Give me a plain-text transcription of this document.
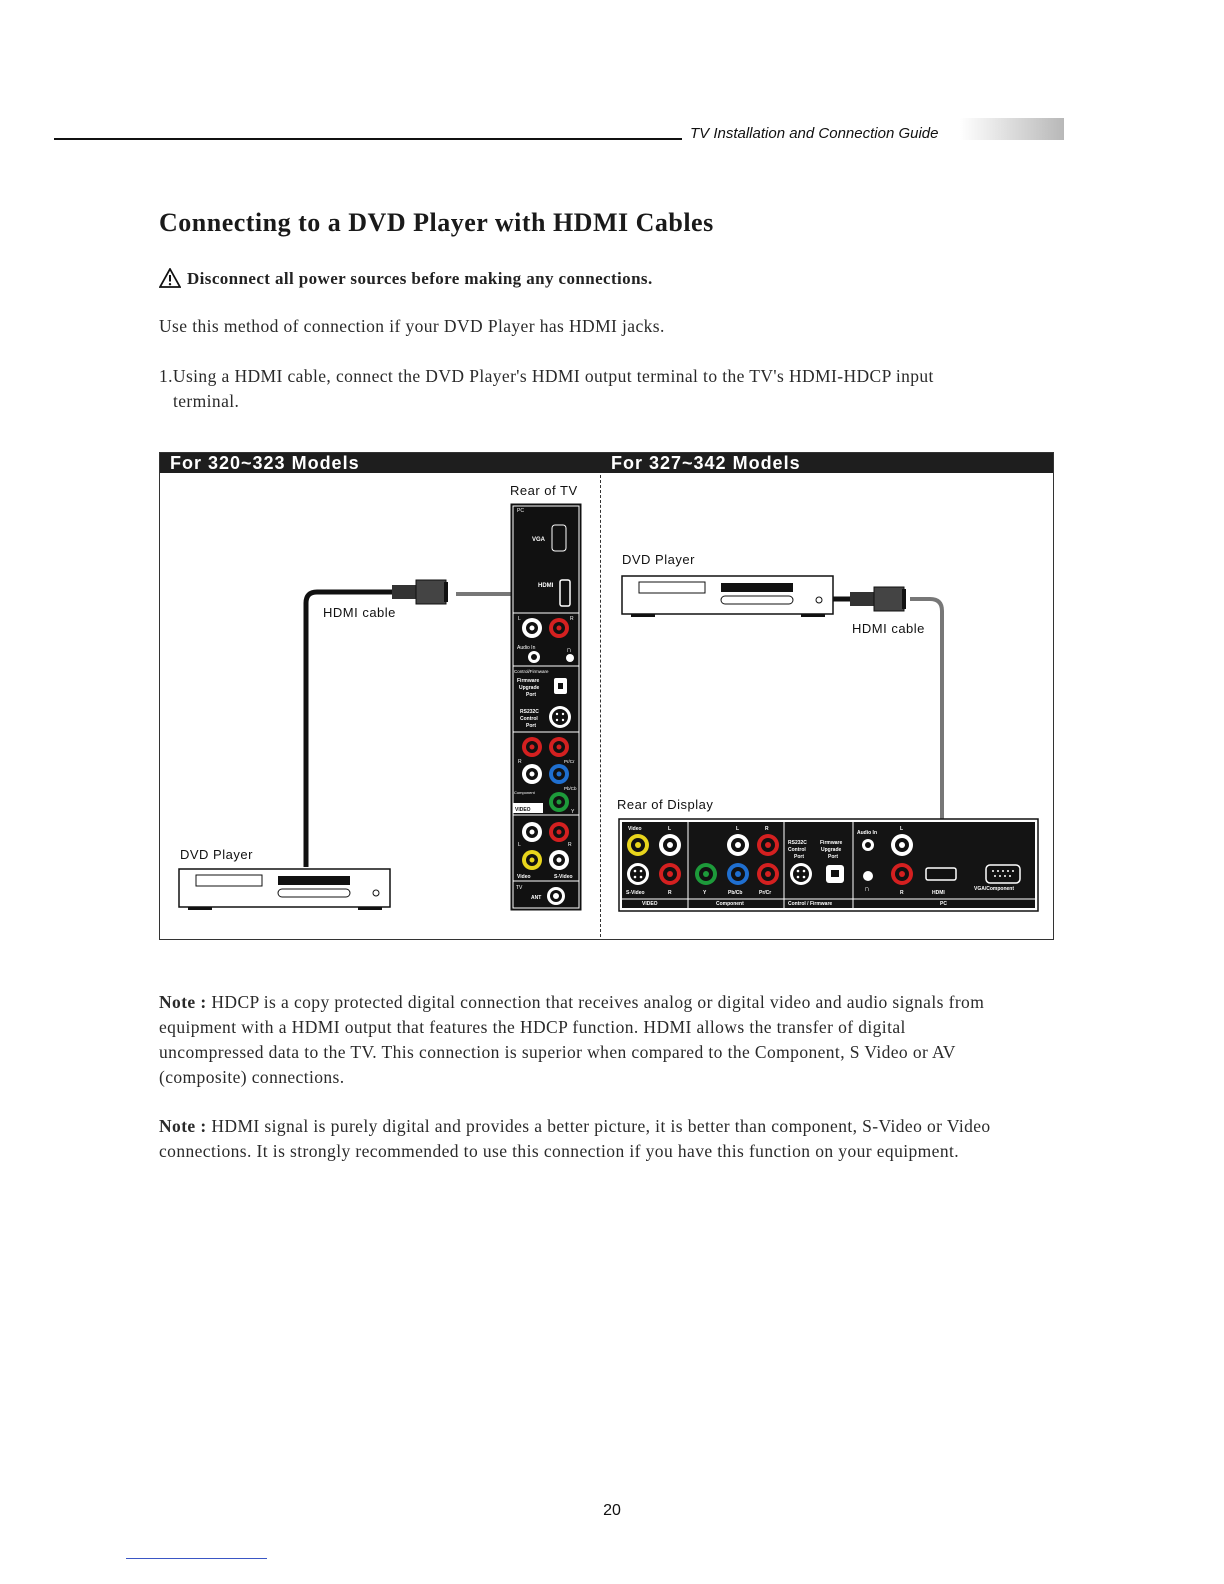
TV Installation and Connection Guide
Connecting to a DVD Player with HDMI Cables
Disconnect all power sources before making any connections.
Use this method of connection if your DVD Player has HDMI jacks.
1.Using a HDMI cable, connect the DVD Player's HDMI output terminal to the TV's HDMI-HDCP input
terminal.
For 320~323 Models	For 327~342 Models
Rear of TV
HDMI cable
DVD Player
DVD Player
HDMI cable
Rear of Display
PC
VGA
HDMI
L	R
Audio In	∩
Control/Firmware
Firmware
Upgrade
Port
RS232C
Control
Port
R	Pr/Cr
Pb/Cb
Component
Y
VIDEO
L	R
Video	S-Video
TV
ANT
Video	L
S-Video	R
VIDEO
L	R
Y	Pb/Cb	Pr/Cr
Component
RS232C
Control
Port
Firmware
Upgrade
Port
Control / Firmware
Audio In
L
∩	R	HDMI
VGA/Component
PC
Note : HDCP is a copy protected digital connection that receives analog or digital video and audio signals from
equipment with a HDMI output that features the HDCP function. HDMI allows the transfer of digital
uncompressed data to the TV. This connection is superior when compared to the Component, S Video or AV
(composite) connections.
Note : HDMI signal is purely digital and provides a better picture, it is better than component, S-Video or Video
connections. It is strongly recommended to use this connection if you have this function on your equipment.
20
